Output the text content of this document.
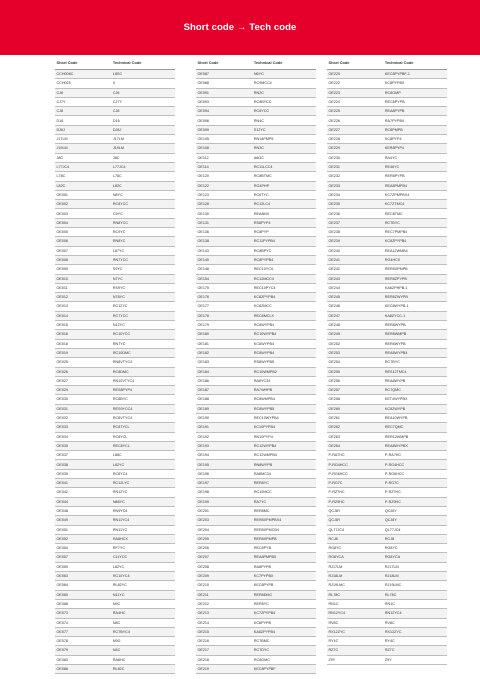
Short code → Tech code
Short Code	Technical Code
CCH006C	L8SC
CCH025	X
CJ6	CJ6
CJ7Y	CJ7Y
CJ8	CJ8
D16	D16
DJ8J	DJ8J
J17LM	J17LM
J19LM	J19LM
J8C	J8C
L77JC4	L77JC4
L78C	L78C
L82C	L82C
OE001	N8YC
OE002	RC8YCC
OE003	C9YC
OE004	RN8YCC
OE005	RC9YC
OE006	RN8YC
OE007	L87YC
OE008	RN7YCC
OE009	S9YC
OE010	N7YC
OE011	RS9YC
OE012	N78YC
OE013	RC12YC
OE014	RC7YCC
OE015	N12YC
OE016	RC10YCC
OE018	RN7YC
OE019	RC10DMC
OE025	RN8VTYC4
OE026	RC8DMC
OE027	RN10VTYC4
OE029	RES8PYP4
OE030	RC8BYC
OE031	RES9YCC4
OE032	RC8VTYC4
OE033	RC87YCL
OE034	RC8YCL
OE035	REC8YCL
OE037	L86C
OE038	L82YC
OE039	RC8YC4
OE041	RC12LYC
OE042	RN12YC
OE044	N88YC
OE048	RN9YC4
OE049	RN11YC4
OE051	RN11YC
OE052	RA8HCX
OE054	RF7YC
OE057	C11YCC
OE059	L82YC
OE063	RC10YC4
OE064	RL82YC
OE065	N11YC
OE068	N9C
OE073	RA4HC
OE074	N8C
OE077	RC7BYC4
OE078	N9G
OE079	N4C
OE083	RA6HC
OE086	RL82C
Short Code	Technical Code
OE087	N6YC
OE088	RC9MCC4
OE091	RN2C
OE093	RC8BYCC
OE094	RC6YCC
OE096	RN4C
OE099	S12YC
OE105	RN14PMP5
OE108	RN3C
OE112	A6GC
OE114	RC11LCC4
OE120	RC8BTMC
OE122	RG4PHP
OE123	RC6TYC
OE128	RC12LC4
OE130	REA8MX
OE131	RS8PYP4
OE136	RC8PYP
OE138	RC11PYPB4
OE143	RC8BPYC
OE145	RC8PYPB4
OE148	REC10YC4
OE154	RC12MCC4
OE175	REC10PYC4
OE176	KC8ZPYPB4
OE177	KC8ZMCC
OE178	REC8MCLX
OE179	RC8WYPB4
OE180	RC10WYPB4
OE181	KC8WYPB4
OE182	RC8WYPB4
OE183	RS8WYPB5
OE184	RC10WMPB2
OE186	RA8YC34
OE187	RA7WHPB
OE188	RC8WMPB4
OE189	RC8WYPB5
OE190	REC10WYPB4
OE191	KC10PYPB4
OE192	RN10PYP4
OE193	RC12WYPB4
OE194	RC12WMPB4
OE195	RN8WYPB
OE196	RA8MC34
OE197	RER8YC
OE198	RC10MCC
OE199	RA7YC
OE201	RER8MC
OE203	RER8XPMPBX4
OE204	RER8XPMCB4
OE205	RER8XPMPB
OE206	REC8PYB
OE207	REA8PMPB5
OE208	RA8PYPB
OE209	KC7PYPBX
OE210	KEC8PYPB
OE211	RER8DMC
OE212	RER8YC
OE213	KC7ZPYPB4
OE214	KC8PYPB
OE215	KA8ZPYPB4
OE216	RC7BMC
OE217	RC7DYC
OE218	RC8GMC
OE219	KEC8PYPBF
Short Code	Technical Code
OE220	KEC8PYPBF-1
OE222	KC8PYPBX
OE223	RC8GMP
OE224	REC8PYPB
OE225	REA8PYPB
OE226	RA7PYPB4
OE227	RC8PMPB
OE228	KC8PYP4
OE229	KER8PYP4
OE230	RA4YC
OE231	RE46YC
OE232	RER8PYPB
OE233	REA8PMPB4
OE234	KC7ZPMPBX4
OE235	KC7ZTMC4
OE236	REC8TMC
OE237	RC7BYC
OE238	REC7PMPB4
OE239	KC8ZPYPB4
OE240	REA12WMB4
OE241	RG4HCX
OE242	RER8XPMPB
OE243	RER8ZPYPB
OE244	KA8ZPHPB-1
OE245	RER8ZWYPB
OE246	KEC8WYPB-1
OE247	KA8ZYCC-1
OE248	RER8WYPB
OE249	RER8WMPB
OE252	RER8WYPB
OE253	REA8WYPB4
OE254	RC7BYC
OE255	RES12TMC4
OE256	REA8WYPB
OE257	RC7QMC
OE258	KET4WYPBX
OE260	KC8ZWYPB
OE261	REA10WYPB
OE262	REC7QMC
OE263	RER12WMPB
OE264	REA8WYPBX
P-RA7HC	P-RA7HC
P-RG4HCC	P-RG4HCC
P-RG6HCC	P-RG6HCC
P-RG7C	P-RG7C
P-RZ7HC	P-RZ7HC
P-RZ9HC	P-RZ9HC
QCJ8Y	QCJ8Y
QCJ8Y	QCJ8Y
QL77JC4	QL77JC4
RCJ8	RCJ8
RG8YC	RG8YC
RG8YCA	RG8YCA
RJ17LM	RJ17LM
RJ18LM	RJ18LM
RJ19LMC	RJ19LMC
RL78C	RL78C
RN1C	RN1C
RN12YC4	RN12YC4
RV8C	RV8C
RX12ZYC	RX12ZYC
RY4C	RY4C
RZ7C	RZ7C
Z9Y	Z9Y
